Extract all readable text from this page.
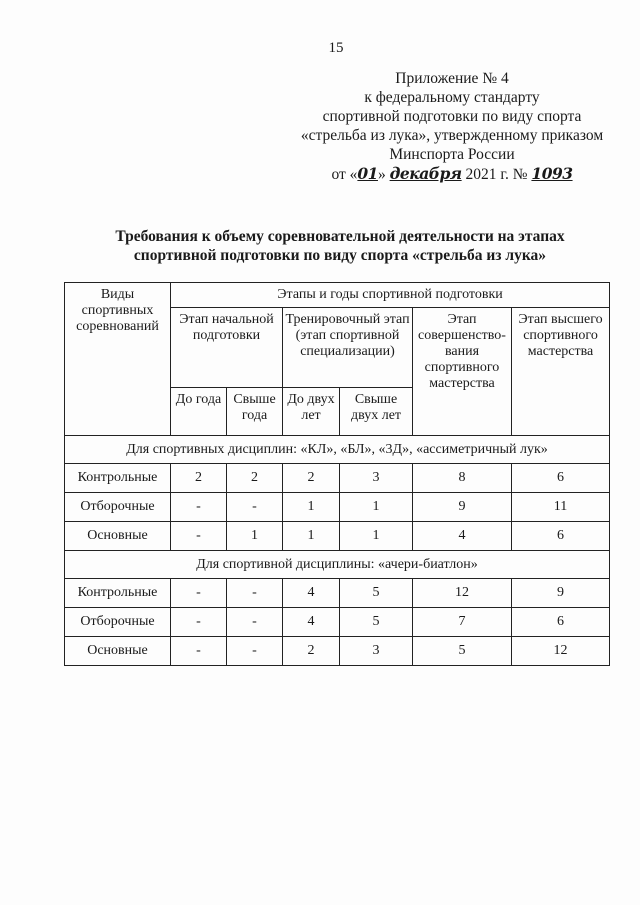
15
Приложение № 4
к федеральному стандарту
спортивной подготовки по виду спорта
«стрельба из лука», утвержденному приказом
Минспорта России
от «01» декабря 2021 г. № 1093
Требования к объему соревновательной деятельности на этапах
спортивной подготовки по виду спорта «стрельба из лука»
Виды спортивных соревнований	Этапы и годы спортивной подготовки					
	Этап начальной подготовки		Тренировочный этап (этап спортивной специализации)		Этап совершенство-вания спортивного мастерства	Этап высшего спортивного мастерства
	До года	Свыше года	До двух лет	Свыше двух лет		
Для спортивных дисциплин: «КЛ», «БЛ», «3Д», «ассиметричный лук»						
Контрольные	2	2	2	3	8	6
Отборочные	-	-	1	1	9	11
Основные	-	1	1	1	4	6
Для спортивной дисциплины: «ачери-биатлон»						
Контрольные	-	-	4	5	12	9
Отборочные	-	-	4	5	7	6
Основные	-	-	2	3	5	12
